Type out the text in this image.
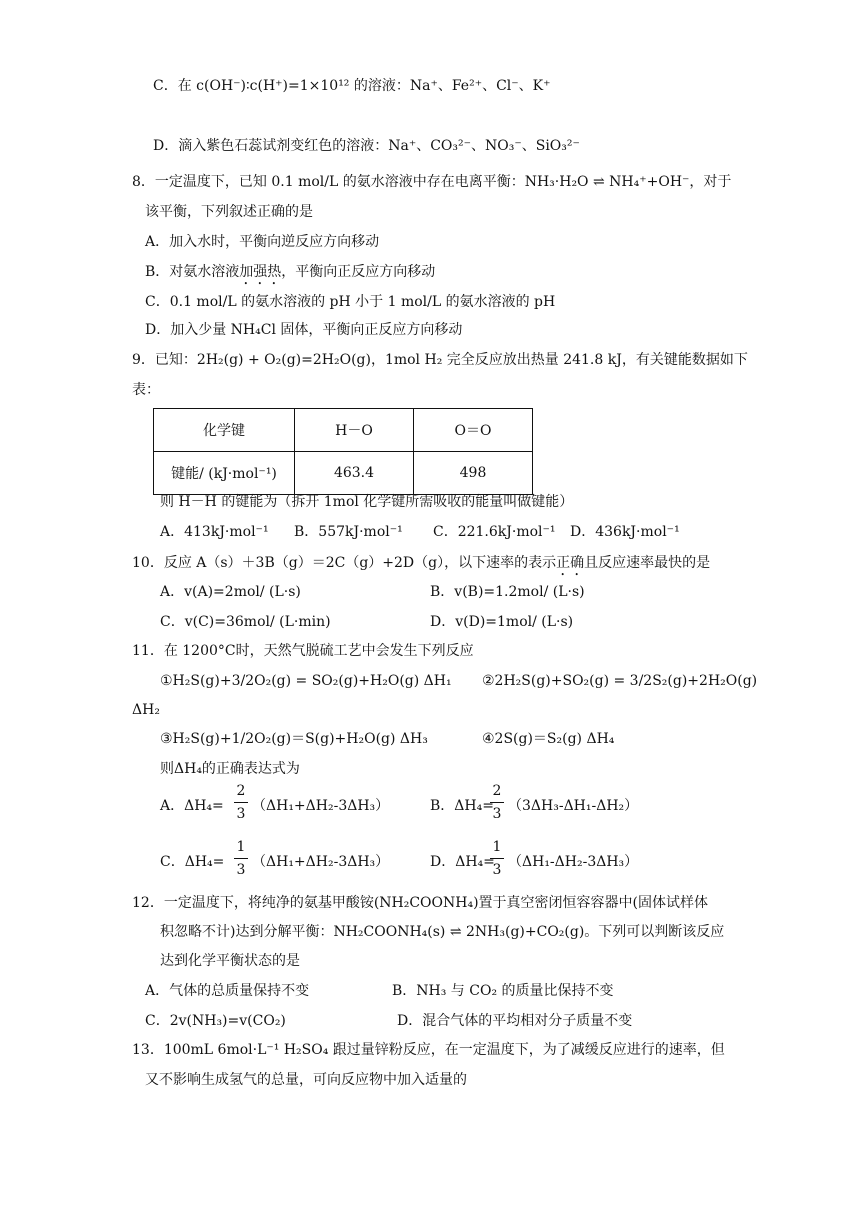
C．在 c(OH⁻)∶c(H⁺)=1×10¹² 的溶液：Na⁺、Fe²⁺、Cl⁻、K⁺
D．滴入紫色石蕊试剂变红色的溶液：Na⁺、CO₃²⁻、NO₃⁻、SiO₃²⁻
8．一定温度下，已知 0.1 mol/L 的氨水溶液中存在电离平衡：NH₃·H₂O ⇌ NH₄⁺+OH⁻，对于
该平衡，下列叙述正确的是
A．加入水时，平衡向逆反应方向移动
B．对氨水溶液加强热，平衡向正反应方向移动
C．0.1 mol/L 的氨水溶液的 pH 小于 1 mol/L 的氨水溶液的 pH
D．加入少量 NH₄Cl 固体，平衡向正反应方向移动
9．已知：2H₂(g) + O₂(g)=2H₂O(g)，1mol H₂ 完全反应放出热量 241.8 kJ，有关键能数据如下
表：
化学键	H－O	O＝O
键能/ (kJ·mol⁻¹)	463.4	498
则 H－H 的键能为（拆开 1mol 化学键所需吸收的能量叫做键能）
A．413kJ·mol⁻¹ B．557kJ·mol⁻¹ C．221.6kJ·mol⁻¹ D．436kJ·mol⁻¹
10．反应 A（s）＋3B（g）＝2C（g）+2D（g），以下速率的表示正确且反应速率最快的是
A．v(A)=2mol/ (L·s)	B．v(B)=1.2mol/ (L·s)
C．v(C)=36mol/ (L·min)	D．v(D)=1mol/ (L·s)
11．在 1200°C时，天然气脱硫工艺中会发生下列反应
①H₂S(g)+3/2O₂(g) = SO₂(g)+H₂O(g) ΔH₁ ②2H₂S(g)+SO₂(g) = 3/2S₂(g)+2H₂O(g)
ΔH₂
③H₂S(g)+1/2O₂(g)＝S(g)+H₂O(g) ΔH₃	④2S(g)＝S₂(g) ΔH₄
则ΔH₄的正确表达式为
A．ΔH₄=
2
3 （ΔH₁+ΔH₂-3ΔH₃）	B．ΔH₄=
2
3 （3ΔH₃-ΔH₁-ΔH₂）
C．ΔH₄=
1
3 （ΔH₁+ΔH₂-3ΔH₃）	D．ΔH₄=
1
3 （ΔH₁-ΔH₂-3ΔH₃）
12．一定温度下，将纯净的氨基甲酸铵(NH₂COONH₄)置于真空密闭恒容容器中(固体试样体
积忽略不计)达到分解平衡：NH₂COONH₄(s) ⇌ 2NH₃(g)+CO₂(g)。下列可以判断该反应
达到化学平衡状态的是
A．气体的总质量保持不变	B．NH₃ 与 CO₂ 的质量比保持不变
C．2v(NH₃)=v(CO₂)	D．混合气体的平均相对分子质量不变
13．100mL 6mol·L⁻¹ H₂SO₄ 跟过量锌粉反应，在一定温度下，为了减缓反应进行的速率，但
又不影响生成氢气的总量，可向反应物中加入适量的
